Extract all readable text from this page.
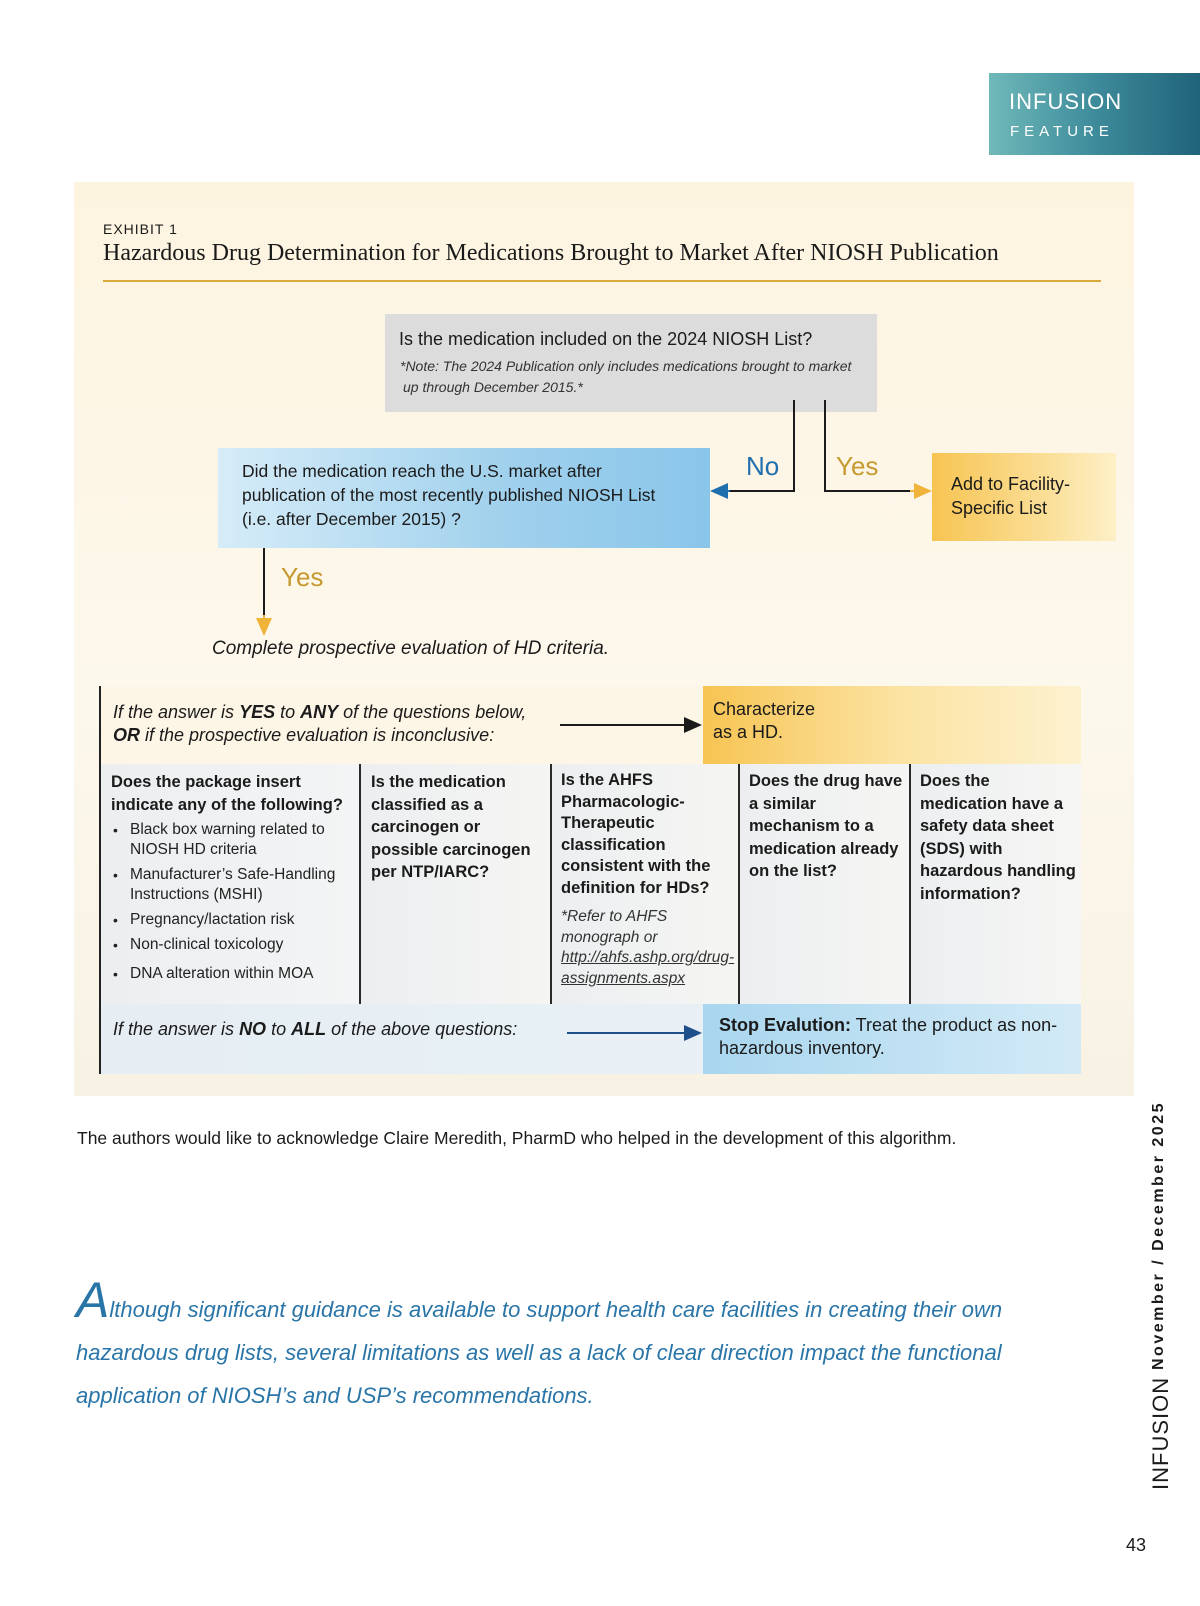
INFUSION
FEATURE
EXHIBIT 1
Hazardous Drug Determination for Medications Brought to Market After NIOSH Publication
Is the medication included on the 2024 NIOSH List?
*Note: The 2024 Publication only includes medications brought to market up through December 2015.*
Did the medication reach the U.S. market after publication of the most recently published NIOSH List (i.e. after December 2015) ?
Add to Facility-Specific List
No Yes
Yes
Complete prospective evaluation of HD criteria.
If the answer is YES to ANY of the questions below,
OR if the prospective evaluation is inconclusive:
Characterize as a HD.
Does the package insert indicate any of the following?
• Black box warning related to NIOSH HD criteria
• Manufacturer’s Safe-Handling Instructions (MSHI)
• Pregnancy/lactation risk
• Non-clinical toxicology
• DNA alteration within MOA
Is the medication classified as a carcinogen or possible carcinogen per NTP/IARC?
Is the AHFS Pharmacologic-Therapeutic classification consistent with the definition for HDs?
*Refer to AHFS monograph or http://ahfs.ashp.org/drug-assignments.aspx
Does the drug have a similar mechanism to a medication already on the list?
Does the medication have a safety data sheet (SDS) with hazardous handling information?
If the answer is NO to ALL of the above questions:	Stop Evalution: Treat the product as non-hazardous inventory.
The authors would like to acknowledge Claire Meredith, PharmD who helped in the development of this algorithm.
Although significant guidance is available to support health care facilities in creating their own hazardous drug lists, several limitations as well as a lack of clear direction impact the functional application of NIOSH’s and USP’s recommendations.
November / December 2025
INFUSION
43
